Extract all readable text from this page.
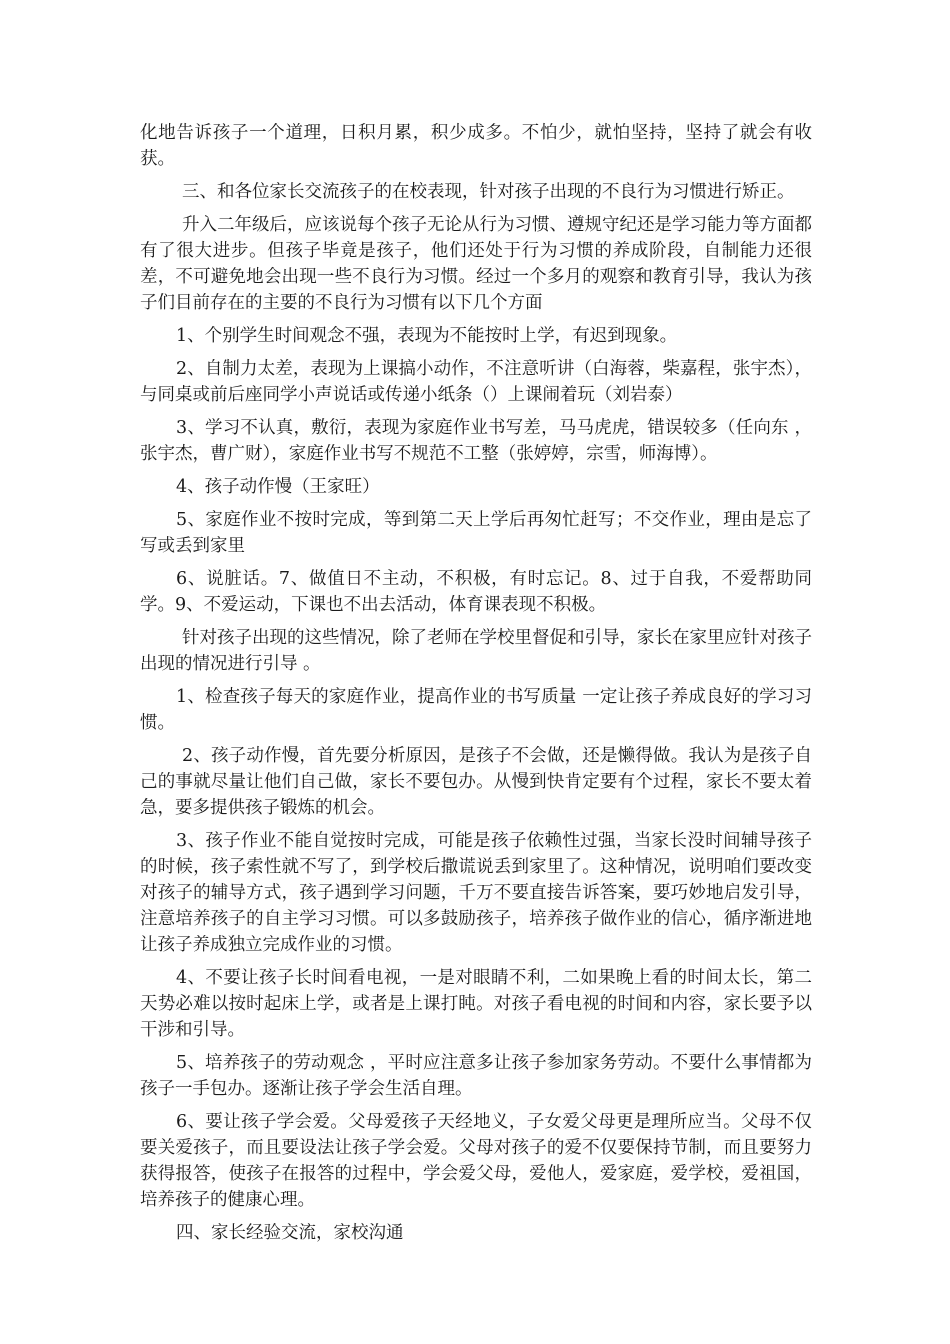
化地告诉孩子一个道理，日积月累，积少成多。不怕少，就怕坚持，坚持了就会有收获。

三、和各位家长交流孩子的在校表现，针对孩子出现的不良行为习惯进行矫正。

升入二年级后，应该说每个孩子无论从行为习惯、遵规守纪还是学习能力等方面都有了很大进步。但孩子毕竟是孩子，他们还处于行为习惯的养成阶段，自制能力还很差，不可避免地会出现一些不良行为习惯。经过一个多月的观察和教育引导，我认为孩子们目前存在的主要的不良行为习惯有以下几个方面

1、个别学生时间观念不强，表现为不能按时上学，有迟到现象。

2、自制力太差，表现为上课搞小动作，不注意听讲（白海蓉，柴嘉程，张宇杰），与同桌或前后座同学小声说话或传递小纸条（）上课闹着玩（刘岩泰）

3、学习不认真，敷衍，表现为家庭作业书写差，马马虎虎，错误较多（任向东 ，张宇杰，曹广财），家庭作业书写不规范不工整（张婷婷，宗雪，师海博）。

4、孩子动作慢（王家旺）

5、家庭作业不按时完成，等到第二天上学后再匆忙赶写；不交作业，理由是忘了写或丢到家里

6、说脏话。7、做值日不主动，不积极，有时忘记。8、过于自我，不爱帮助同学。9、不爱运动，下课也不出去活动，体育课表现不积极。

针对孩子出现的这些情况，除了老师在学校里督促和引导，家长在家里应针对孩子出现的情况进行引导 。

1、检查孩子每天的家庭作业，提高作业的书写质量 一定让孩子养成良好的学习习惯。

2、孩子动作慢，首先要分析原因，是孩子不会做，还是懒得做。我认为是孩子自己的事就尽量让他们自己做，家长不要包办。从慢到快肯定要有个过程，家长不要太着急，要多提供孩子锻炼的机会。

3、孩子作业不能自觉按时完成，可能是孩子依赖性过强，当家长没时间辅导孩子的时候，孩子索性就不写了，到学校后撒谎说丢到家里了。这种情况，说明咱们要改变对孩子的辅导方式，孩子遇到学习问题，千万不要直接告诉答案，要巧妙地启发引导，注意培养孩子的自主学习习惯。可以多鼓励孩子，培养孩子做作业的信心，循序渐进地让孩子养成独立完成作业的习惯。

4、不要让孩子长时间看电视，一是对眼睛不利，二如果晚上看的时间太长，第二天势必难以按时起床上学，或者是上课打盹。对孩子看电视的时间和内容，家长要予以干涉和引导。

5、培养孩子的劳动观念 ，平时应注意多让孩子参加家务劳动。不要什么事情都为孩子一手包办。逐渐让孩子学会生活自理。

6、要让孩子学会爱。父母爱孩子天经地义，子女爱父母更是理所应当。父母不仅要关爱孩子，而且要设法让孩子学会爱。父母对孩子的爱不仅要保持节制，而且要努力获得报答，使孩子在报答的过程中，学会爱父母，爱他人，爱家庭，爱学校，爱祖国，培养孩子的健康心理。

四、家长经验交流，家校沟通
